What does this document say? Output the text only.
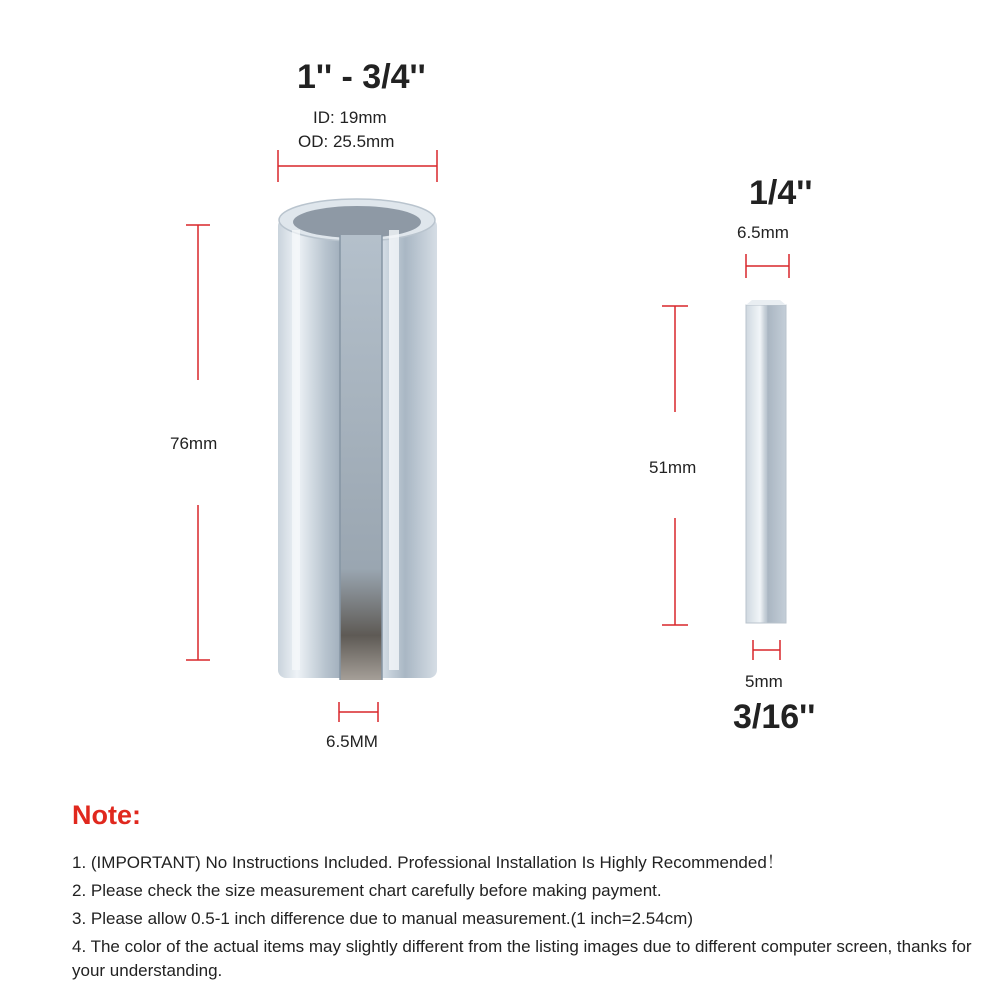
1'' - 3/4''
ID: 19mm
OD: 25.5mm
76mm
6.5MM
1/4''
6.5mm
51mm
5mm
3/16''
Note:
1. (IMPORTANT) No Instructions Included. Professional Installation Is Highly Recommended！
2. Please check the size measurement chart carefully before making payment.
3. Please allow 0.5-1 inch difference due to manual measurement.(1 inch=2.54cm)
4. The color of the actual items may slightly different from the listing images due to different computer screen, thanks for your understanding.
